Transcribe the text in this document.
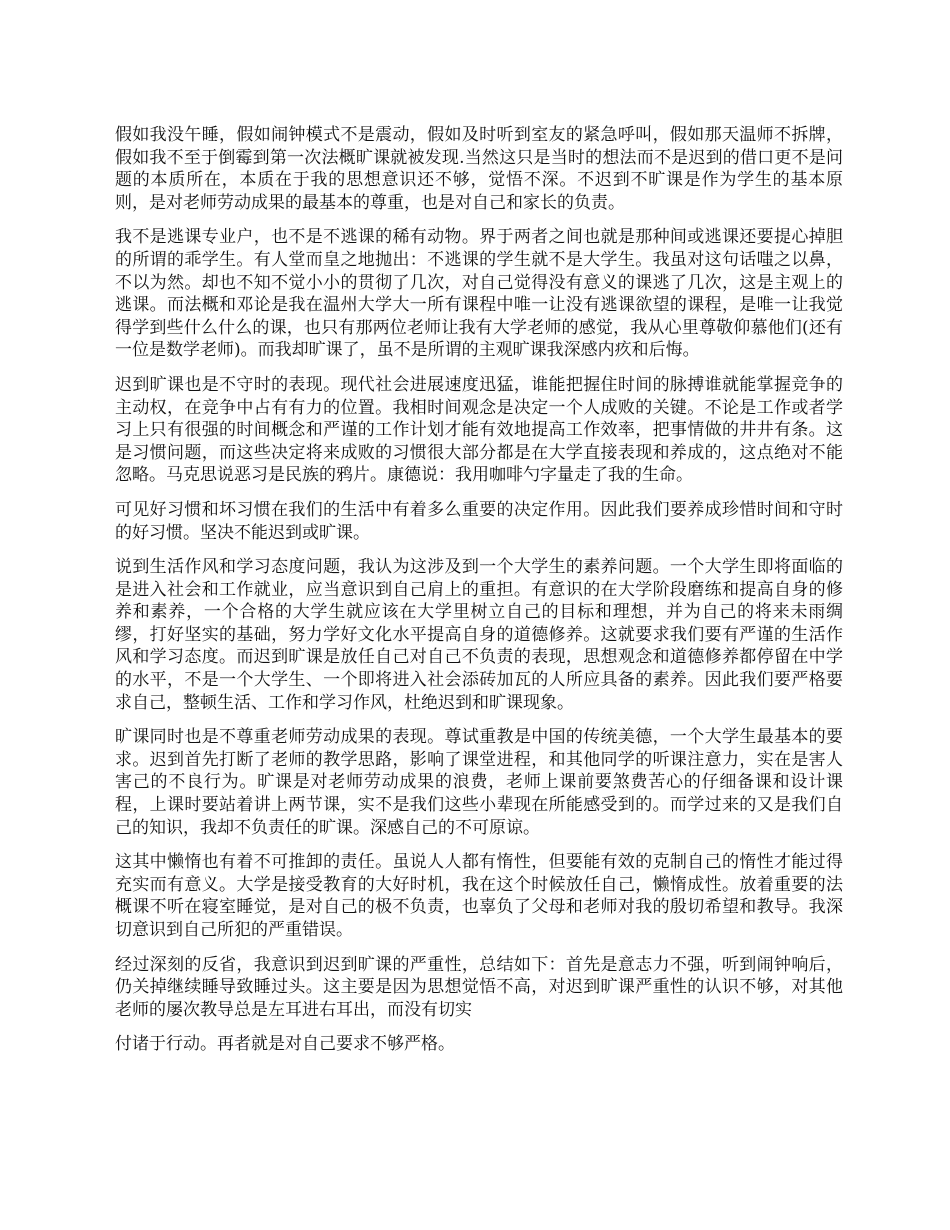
假如我没午睡，假如闹钟模式不是震动，假如及时听到室友的紧急呼叫，假如那天温师不拆牌，假如我不至于倒霉到第一次法概旷课就被发现.当然这只是当时的想法而不是迟到的借口更不是问题的本质所在，本质在于我的思想意识还不够，觉悟不深。不迟到不旷课是作为学生的基本原则，是对老师劳动成果的最基本的尊重，也是对自己和家长的负责。

我不是逃课专业户，也不是不逃课的稀有动物。界于两者之间也就是那种间或逃课还要提心掉胆的所谓的乖学生。有人堂而皇之地抛出：不逃课的学生就不是大学生。我虽对这句话嗤之以鼻，不以为然。却也不知不觉小小的贯彻了几次，对自己觉得没有意义的课逃了几次，这是主观上的逃课。而法概和邓论是我在温州大学大一所有课程中唯一让没有逃课欲望的课程，是唯一让我觉得学到些什么什么的课，也只有那两位老师让我有大学老师的感觉，我从心里尊敬仰慕他们(还有一位是数学老师)。而我却旷课了，虽不是所谓的主观旷课我深感内疚和后悔。

迟到旷课也是不守时的表现。现代社会进展速度迅猛，谁能把握住时间的脉搏谁就能掌握竞争的主动权，在竞争中占有有力的位置。我相时间观念是决定一个人成败的关键。不论是工作或者学习上只有很强的时间概念和严谨的工作计划才能有效地提高工作效率，把事情做的井井有条。这是习惯问题，而这些决定将来成败的习惯很大部分都是在大学直接表现和养成的，这点绝对不能忽略。马克思说恶习是民族的鸦片。康德说：我用咖啡勺字量走了我的生命。

可见好习惯和坏习惯在我们的生活中有着多么重要的决定作用。因此我们要养成珍惜时间和守时的好习惯。坚决不能迟到或旷课。

说到生活作风和学习态度问题，我认为这涉及到一个大学生的素养问题。一个大学生即将面临的是进入社会和工作就业，应当意识到自己肩上的重担。有意识的在大学阶段磨练和提高自身的修养和素养，一个合格的大学生就应该在大学里树立自己的目标和理想，并为自己的将来未雨绸缪，打好坚实的基础，努力学好文化水平提高自身的道德修养。这就要求我们要有严谨的生活作风和学习态度。而迟到旷课是放任自己对自己不负责的表现，思想观念和道德修养都停留在中学的水平，不是一个大学生、一个即将进入社会添砖加瓦的人所应具备的素养。因此我们要严格要求自己，整顿生活、工作和学习作风，杜绝迟到和旷课现象。

旷课同时也是不尊重老师劳动成果的表现。尊试重教是中国的传统美德，一个大学生最基本的要求。迟到首先打断了老师的教学思路，影响了课堂进程，和其他同学的听课注意力，实在是害人害己的不良行为。旷课是对老师劳动成果的浪费，老师上课前要煞费苦心的仔细备课和设计课程，上课时要站着讲上两节课，实不是我们这些小辈现在所能感受到的。而学过来的又是我们自己的知识，我却不负责任的旷课。深感自己的不可原谅。

这其中懒惰也有着不可推卸的责任。虽说人人都有惰性，但要能有效的克制自己的惰性才能过得充实而有意义。大学是接受教育的大好时机，我在这个时候放任自己，懒惰成性。放着重要的法概课不听在寝室睡觉，是对自己的极不负责，也辜负了父母和老师对我的殷切希望和教导。我深切意识到自己所犯的严重错误。

经过深刻的反省，我意识到迟到旷课的严重性，总结如下：首先是意志力不强，听到闹钟响后，仍关掉继续睡导致睡过头。这主要是因为思想觉悟不高，对迟到旷课严重性的认识不够，对其他老师的屡次教导总是左耳进右耳出，而没有切实

付诸于行动。再者就是对自己要求不够严格。
